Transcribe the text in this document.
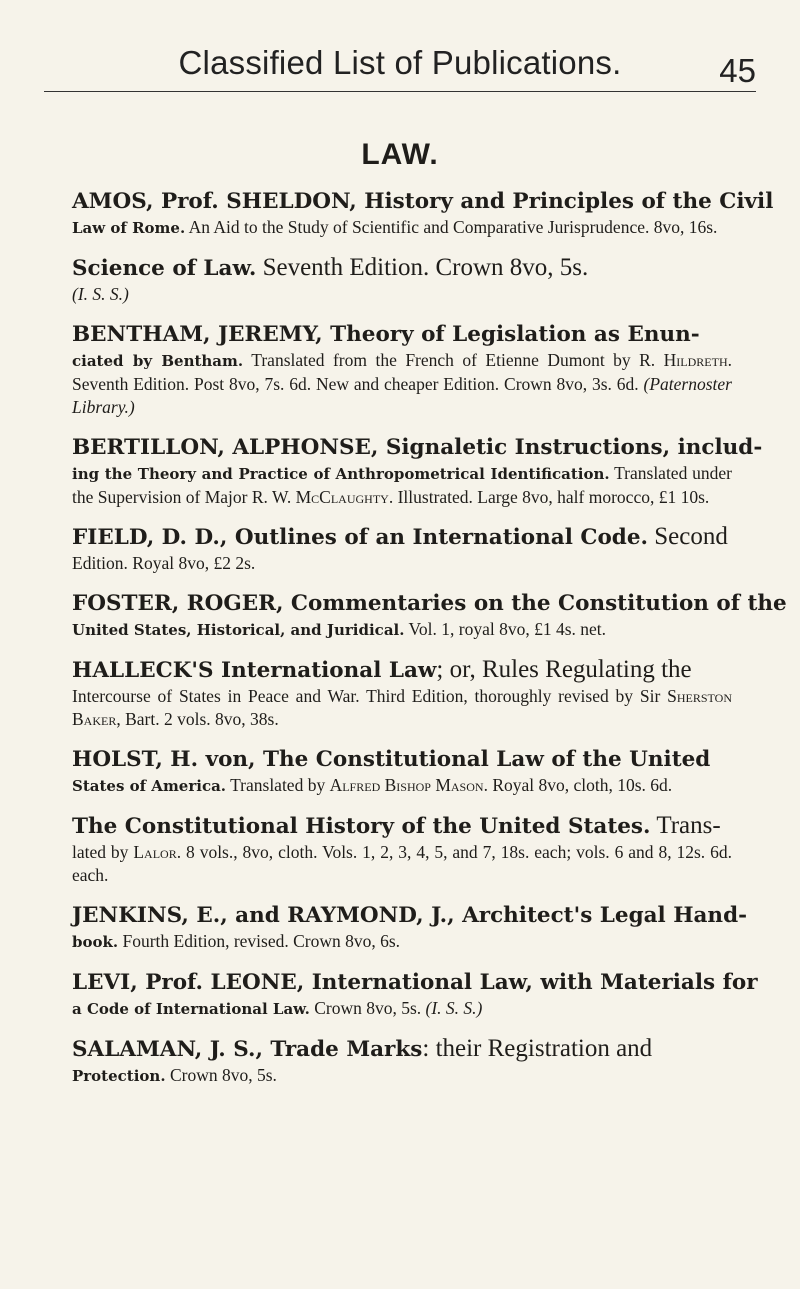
Classified List of Publications.	45
LAW.
AMOS, Prof. SHELDON, History and Principles of the Civil
Law of Rome. An Aid to the Study of Scientific and Comparative Jurisprudence. 8vo, 16s.
Science of Law. Seventh Edition. Crown 8vo, 5s.
(I. S. S.)
BENTHAM, JEREMY, Theory of Legislation as Enun-
ciated by Bentham. Translated from the French of Etienne Dumont by R. Hildreth. Seventh Edition. Post 8vo, 7s. 6d. New and cheaper Edition. Crown 8vo, 3s. 6d. (Paternoster Library.)
BERTILLON, ALPHONSE, Signaletic Instructions, includ-
ing the Theory and Practice of Anthropometrical Identification. Translated under the Supervision of Major R. W. McClaughty. Illustrated. Large 8vo, half morocco, £1 10s.
FIELD, D. D., Outlines of an International Code. Second
Edition. Royal 8vo, £2 2s.
FOSTER, ROGER, Commentaries on the Constitution of the
United States, Historical, and Juridical. Vol. 1, royal 8vo, £1 4s. net.
HALLECK'S International Law; or, Rules Regulating the
Intercourse of States in Peace and War. Third Edition, thoroughly revised by Sir Sherston Baker, Bart. 2 vols. 8vo, 38s.
HOLST, H. von, The Constitutional Law of the United
States of America. Translated by Alfred Bishop Mason. Royal 8vo, cloth, 10s. 6d.
The Constitutional History of the United States. Trans-
lated by Lalor. 8 vols., 8vo, cloth. Vols. 1, 2, 3, 4, 5, and 7, 18s. each; vols. 6 and 8, 12s. 6d. each.
JENKINS, E., and RAYMOND, J., Architect's Legal Hand-
book. Fourth Edition, revised. Crown 8vo, 6s.
LEVI, Prof. LEONE, International Law, with Materials for
a Code of International Law. Crown 8vo, 5s. (I. S. S.)
SALAMAN, J. S., Trade Marks: their Registration and
Protection. Crown 8vo, 5s.
